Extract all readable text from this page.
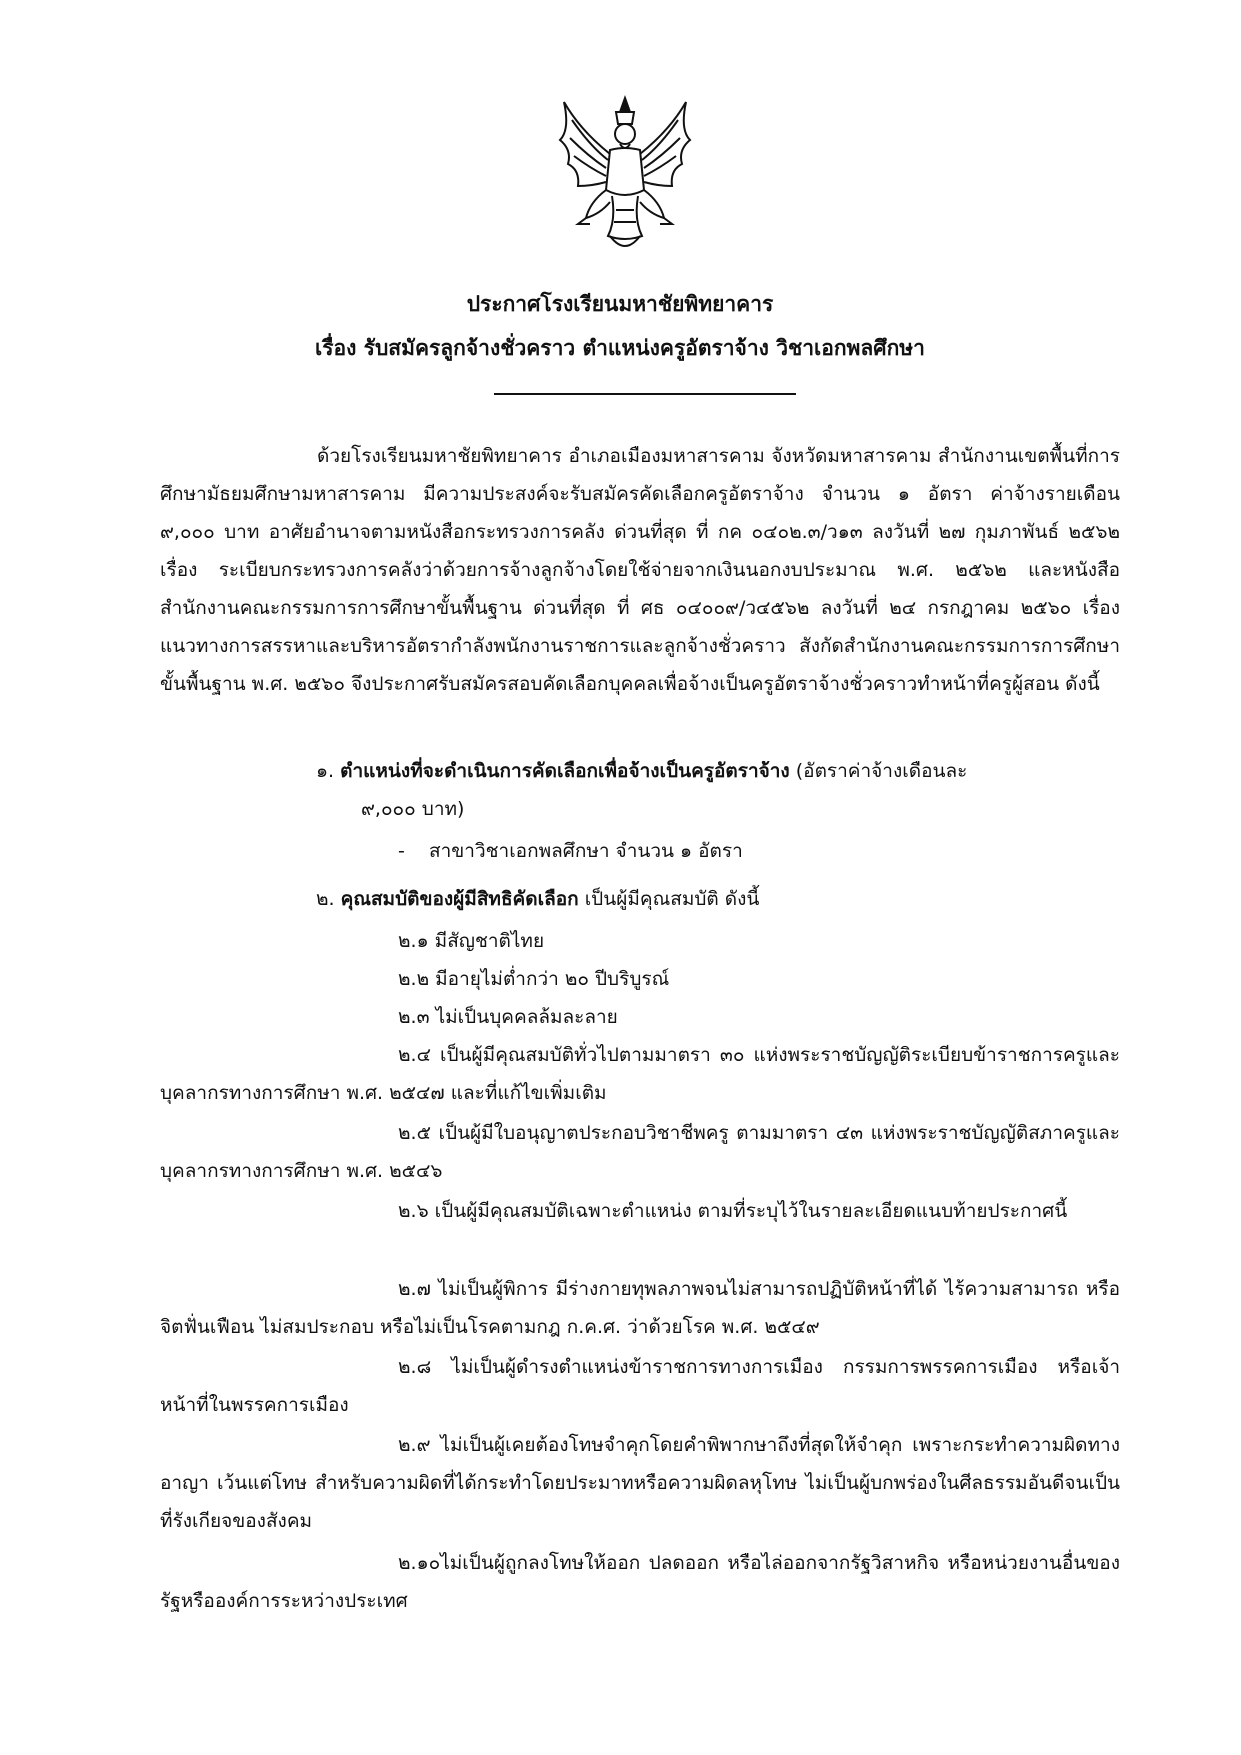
ประกาศโรงเรียนมหาชัยพิทยาคาร
เรื่อง รับสมัครลูกจ้างชั่วคราว ตำแหน่งครูอัตราจ้าง วิชาเอกพลศึกษา
ด้วยโรงเรียนมหาชัยพิทยาคาร อำเภอเมืองมหาสารคาม จังหวัดมหาสารคาม สำนักงานเขตพื้นที่การศึกษามัธยมศึกษามหาสารคาม มีความประสงค์จะรับสมัครคัดเลือกครูอัตราจ้าง จำนวน ๑ อัตรา ค่าจ้างรายเดือน ๙,๐๐๐ บาท อาศัยอำนาจตามหนังสือกระทรวงการคลัง ด่วนที่สุด ที่ กค ๐๔๐๒.๓/ว๑๓ ลงวันที่ ๒๗ กุมภาพันธ์ ๒๕๖๒ เรื่อง ระเบียบกระทรวงการคลังว่าด้วยการจ้างลูกจ้างโดยใช้จ่ายจากเงินนอกงบประมาณ พ.ศ. ๒๕๖๒ และหนังสือสำนักงานคณะกรรมการการศึกษาขั้นพื้นฐาน ด่วนที่สุด ที่ ศธ ๐๔๐๐๙/ว๔๕๖๒ ลงวันที่ ๒๔ กรกฎาคม ๒๕๖๐ เรื่อง แนวทางการสรรหาและบริหารอัตรากำลังพนักงานราชการและลูกจ้างชั่วคราว สังกัดสำนักงานคณะกรรมการการศึกษาขั้นพื้นฐาน พ.ศ. ๒๕๖๐ จึงประกาศรับสมัครสอบคัดเลือกบุคคลเพื่อจ้างเป็นครูอัตราจ้างชั่วคราวทำหน้าที่ครูผู้สอน ดังนี้
๑. ตำแหน่งที่จะดำเนินการคัดเลือกเพื่อจ้างเป็นครูอัตราจ้าง (อัตราค่าจ้างเดือนละ
๙,๐๐๐ บาท)
- สาขาวิชาเอกพลศึกษา จำนวน ๑ อัตรา
๒. คุณสมบัติของผู้มีสิทธิคัดเลือก เป็นผู้มีคุณสมบัติ ดังนี้
๒.๑ มีสัญชาติไทย
๒.๒ มีอายุไม่ต่ำกว่า ๒๐ ปีบริบูรณ์
๒.๓ ไม่เป็นบุคคลล้มละลาย
๒.๔ เป็นผู้มีคุณสมบัติทั่วไปตามมาตรา ๓๐ แห่งพระราชบัญญัติระเบียบข้าราชการครูและบุคลากรทางการศึกษา พ.ศ. ๒๕๔๗ และที่แก้ไขเพิ่มเติม
๒.๕ เป็นผู้มีใบอนุญาตประกอบวิชาชีพครู ตามมาตรา ๔๓ แห่งพระราชบัญญัติสภาครูและบุคลากรทางการศึกษา พ.ศ. ๒๕๔๖
๒.๖ เป็นผู้มีคุณสมบัติเฉพาะตำแหน่ง ตามที่ระบุไว้ในรายละเอียดแนบท้ายประกาศนี้
๒.๗ ไม่เป็นผู้พิการ มีร่างกายทุพลภาพจนไม่สามารถปฏิบัติหน้าที่ได้ ไร้ความสามารถ หรือจิตฟั่นเฟือน ไม่สมประกอบ หรือไม่เป็นโรคตามกฎ ก.ค.ศ. ว่าด้วยโรค พ.ศ. ๒๕๔๙
๒.๘ ไม่เป็นผู้ดำรงตำแหน่งข้าราชการทางการเมือง กรรมการพรรคการเมือง หรือเจ้าหน้าที่ในพรรคการเมือง
๒.๙ ไม่เป็นผู้เคยต้องโทษจำคุกโดยคำพิพากษาถึงที่สุดให้จำคุก เพราะกระทำความผิดทางอาญา เว้นแต่โทษ สำหรับความผิดที่ได้กระทำโดยประมาทหรือความผิดลหุโทษ ไม่เป็นผู้บกพร่องในศีลธรรมอันดีจนเป็นที่รังเกียจของสังคม
๒.๑๐ไม่เป็นผู้ถูกลงโทษให้ออก ปลดออก หรือไล่ออกจากรัฐวิสาหกิจ หรือหน่วยงานอื่นของรัฐหรือองค์การระหว่างประเทศ
